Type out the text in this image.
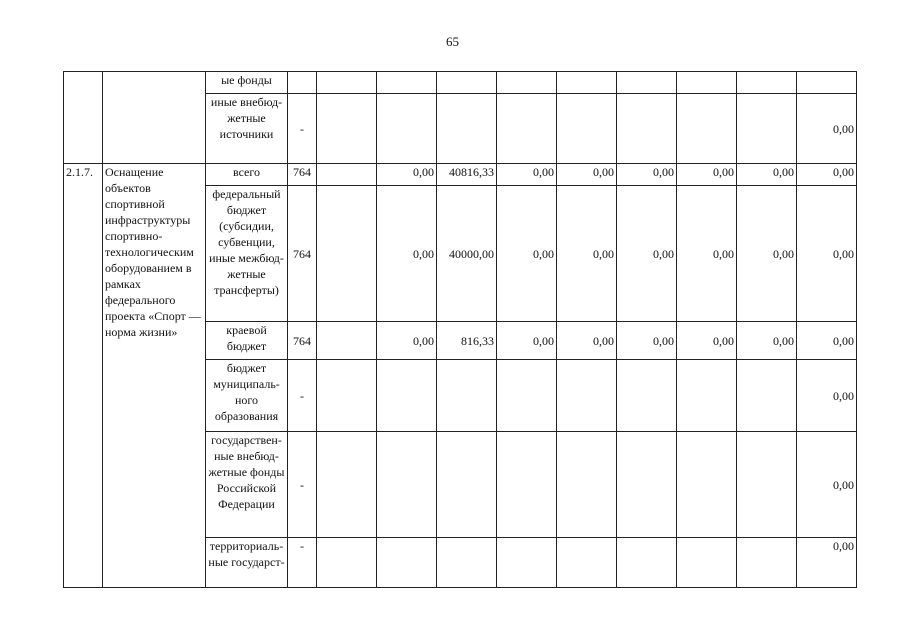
65
		ые фонды										
		иные внебюд-жетные источники	-									0,00
2.1.7.	Оснащение объектов спортивной инфраструктуры спортивно-технологическим оборудованием в рамках федерального проекта «Спорт — норма жизни»	всего	764		0,00	40816,33	0,00	0,00	0,00	0,00	0,00	0,00
		федеральный бюджет (субсидии, субвенции, иные межбюд-жетные трансферты)	764		0,00	40000,00	0,00	0,00	0,00	0,00	0,00	0,00
		краевой бюджет	764		0,00	816,33	0,00	0,00	0,00	0,00	0,00	0,00
		бюджет муниципаль-ного образования	-									0,00
		государствен-ные внебюд-жетные фонды Российской Федерации	-									0,00
		территориаль-ные государст-	-									0,00
